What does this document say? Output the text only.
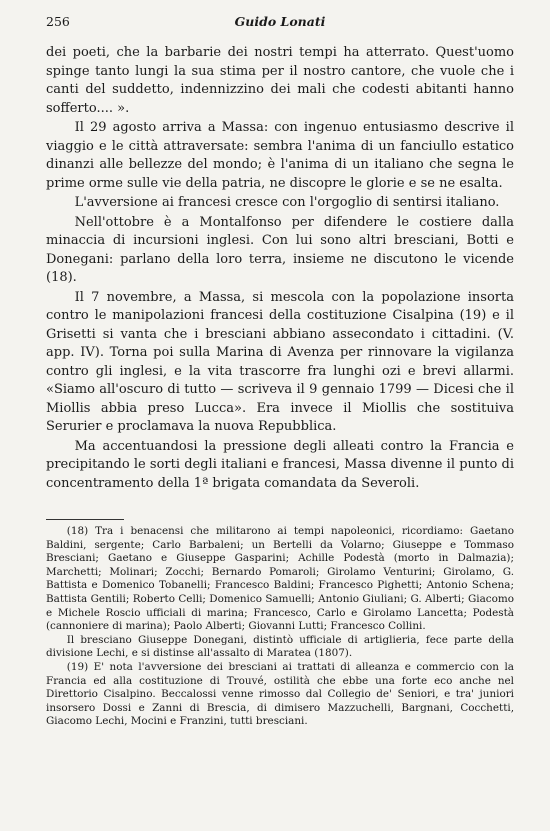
256	Guido Lonati

dei poeti, che la barbarie dei nostri tempi ha atterrato. Quest'uomo spinge tanto lungi la sua stima per il nostro cantore, che vuole che i canti del suddetto, indennizzino dei mali che codesti abitanti hanno sofferto.... ».

Il 29 agosto arriva a Massa: con ingenuo entusiasmo descrive il viaggio e le città attraversate: sembra l'anima di un fanciullo estatico dinanzi alle bellezze del mondo; è l'anima di un italiano che segna le prime orme sulle vie della patria, ne discopre le glorie e se ne esalta.

L'avversione ai francesi cresce con l'orgoglio di sentirsi italiano.

Nell'ottobre è a Montalfonso per difendere le costiere dalla minaccia di incursioni inglesi. Con lui sono altri bresciani, Botti e Donegani: parlano della loro terra, insieme ne discutono le vicende (18).

Il 7 novembre, a Massa, si mescola con la popolazione insorta contro le manipolazioni francesi della costituzione Cisalpina (19) e il Grisetti si vanta che i bresciani abbiano assecondato i cittadini. (V. app. IV). Torna poi sulla Marina di Avenza per rinnovare la vigilanza contro gli inglesi, e la vita trascorre fra lunghi ozi e brevi allarmi. «Siamo all'oscuro di tutto — scriveva il 9 gennaio 1799 — Dicesi che il Miollis abbia preso Lucca». Era invece il Miollis che sostituiva Serurier e proclamava la nuova Repubblica.

Ma accentuandosi la pressione degli alleati contro la Francia e precipitando le sorti degli italiani e francesi, Massa divenne il punto di concentramento della 1ª brigata comandata da Severoli.

(18) Tra i benacensi che militarono ai tempi napoleonici, ricordiamo: Gaetano Baldini, sergente; Carlo Barbaleni; un Bertelli da Volarno; Giuseppe e Tommaso Bresciani; Gaetano e Giuseppe Gasparini; Achille Podestà (morto in Dalmazia); Marchetti; Molinari; Zocchi; Bernardo Pomaroli; Girolamo Venturini; Girolamo, G. Battista e Domenico Tobanelli; Francesco Baldini; Francesco Pighetti; Antonio Schena; Battista Gentili; Roberto Celli; Domenico Samuelli; Antonio Giuliani; G. Alberti; Giacomo e Michele Roscio ufficiali di marina; Francesco, Carlo e Girolamo Lancetta; Podestà (cannoniere di marina); Paolo Alberti; Giovanni Lutti; Francesco Collini.

Il bresciano Giuseppe Donegani, distintò ufficiale di artiglieria, fece parte della divisione Lechi, e si distinse all'assalto di Maratea (1807).

(19) E' nota l'avversione dei bresciani ai trattati di alleanza e commercio con la Francia ed alla costituzione di Trouvé, ostilità che ebbe una forte eco anche nel Direttorio Cisalpino. Beccalossi venne rimosso dal Collegio de' Seniori, e tra' juniori insorsero Dossi e Zanni di Brescia, di dimisero Mazzuchelli, Bargnani, Cocchetti, Giacomo Lechi, Mocini e Franzini, tutti bresciani.
